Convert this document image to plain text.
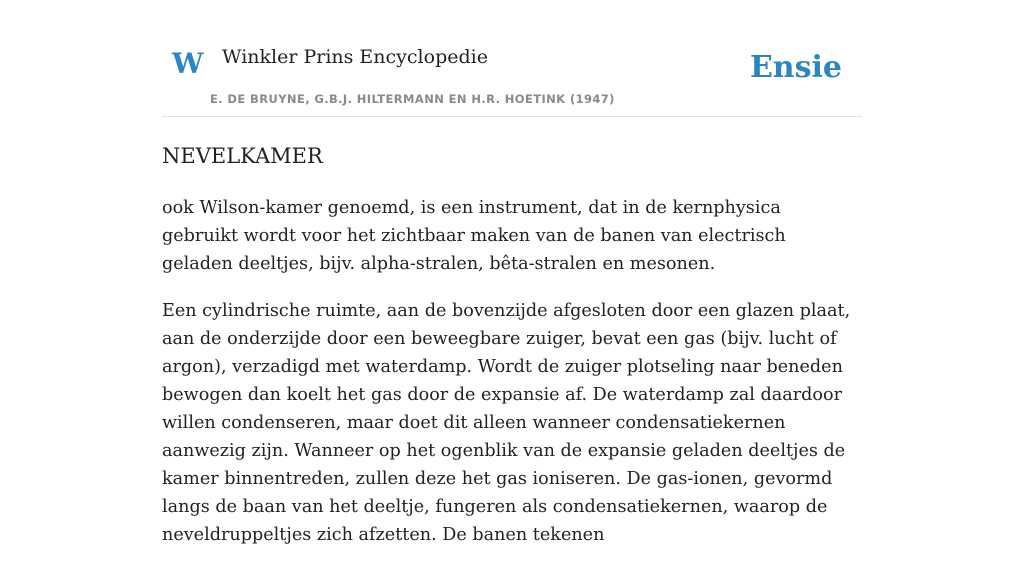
W Winkler Prins Encyclopedie
E. DE BRUYNE, G.B.J. HILTERMANN EN H.R. HOETINK (1947)
Ensie
NEVELKAMER

ook Wilson-kamer genoemd, is een instrument, dat in de kernphysica gebruikt wordt voor het zichtbaar maken van de banen van electrisch geladen deeltjes, bijv. alpha-stralen, bêta-stralen en mesonen.

Een cylindrische ruimte, aan de bovenzijde afgesloten door een glazen plaat, aan de onderzijde door een beweegbare zuiger, bevat een gas (bijv. lucht of argon), verzadigd met waterdamp. Wordt de zuiger plotseling naar beneden bewogen dan koelt het gas door de expansie af. De waterdamp zal daardoor willen condenseren, maar doet dit alleen wanneer condensatiekernen aanwezig zijn. Wanneer op het ogenblik van de expansie geladen deeltjes de kamer binnentreden, zullen deze het gas ioniseren. De gas-ionen, gevormd langs de baan van het deeltje, fungeren als condensatiekernen, waarop de neveldruppeltjes zich afzetten. De banen tekenen
